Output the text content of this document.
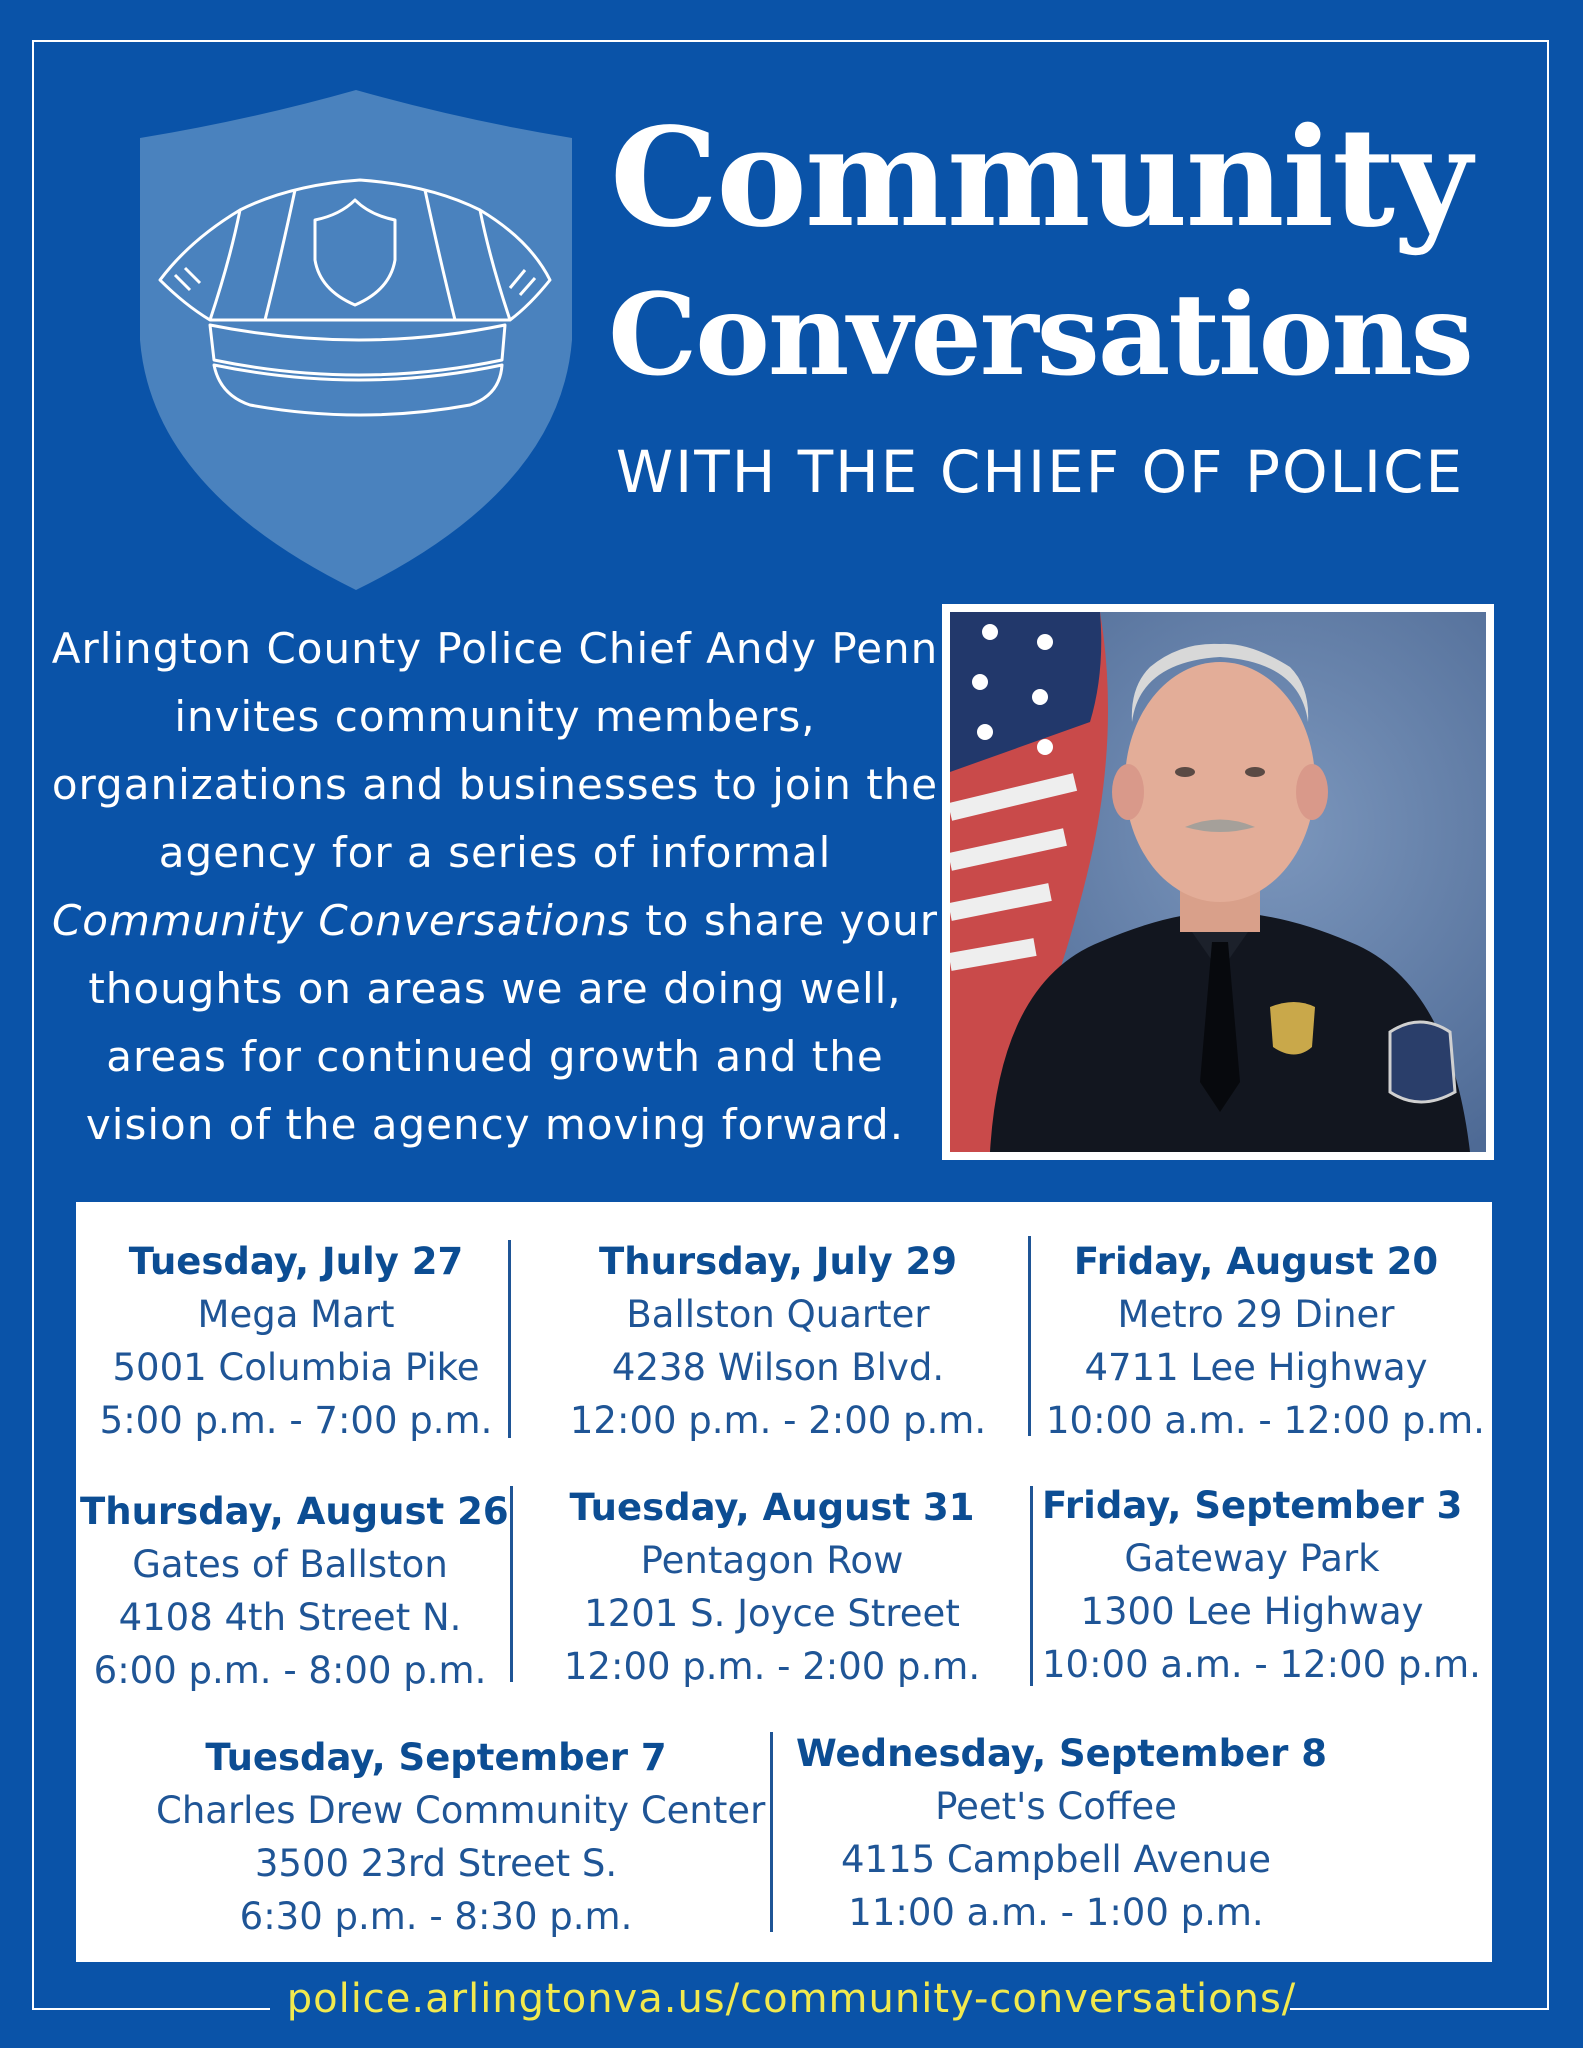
Community
Conversations
WITH THE CHIEF OF POLICE
Arlington County Police Chief Andy Penn invites community members, organizations and businesses to join the agency for a series of informal Community Conversations to share your thoughts on areas we are doing well, areas for continued growth and the vision of the agency moving forward.
Tuesday, July 27
Mega Mart
5001 Columbia Pike
5:00 p.m. - 7:00 p.m.
Thursday, July 29
Ballston Quarter
4238 Wilson Blvd.
12:00 p.m. - 2:00 p.m.
Friday, August 20
Metro 29 Diner
4711 Lee Highway
10:00 a.m. - 12:00 p.m.
Thursday, August 26
Gates of Ballston
4108 4th Street N.
6:00 p.m. - 8:00 p.m.
Tuesday, August 31
Pentagon Row
1201 S. Joyce Street
12:00 p.m. - 2:00 p.m.
Friday, September 3
Gateway Park
1300 Lee Highway
10:00 a.m. - 12:00 p.m.
Tuesday, September 7
Charles Drew Community Center
3500 23rd Street S.
6:30 p.m. - 8:30 p.m.
Wednesday, September 8
Peet's Coffee
4115 Campbell Avenue
11:00 a.m. - 1:00 p.m.
police.arlingtonva.us/community-conversations/
